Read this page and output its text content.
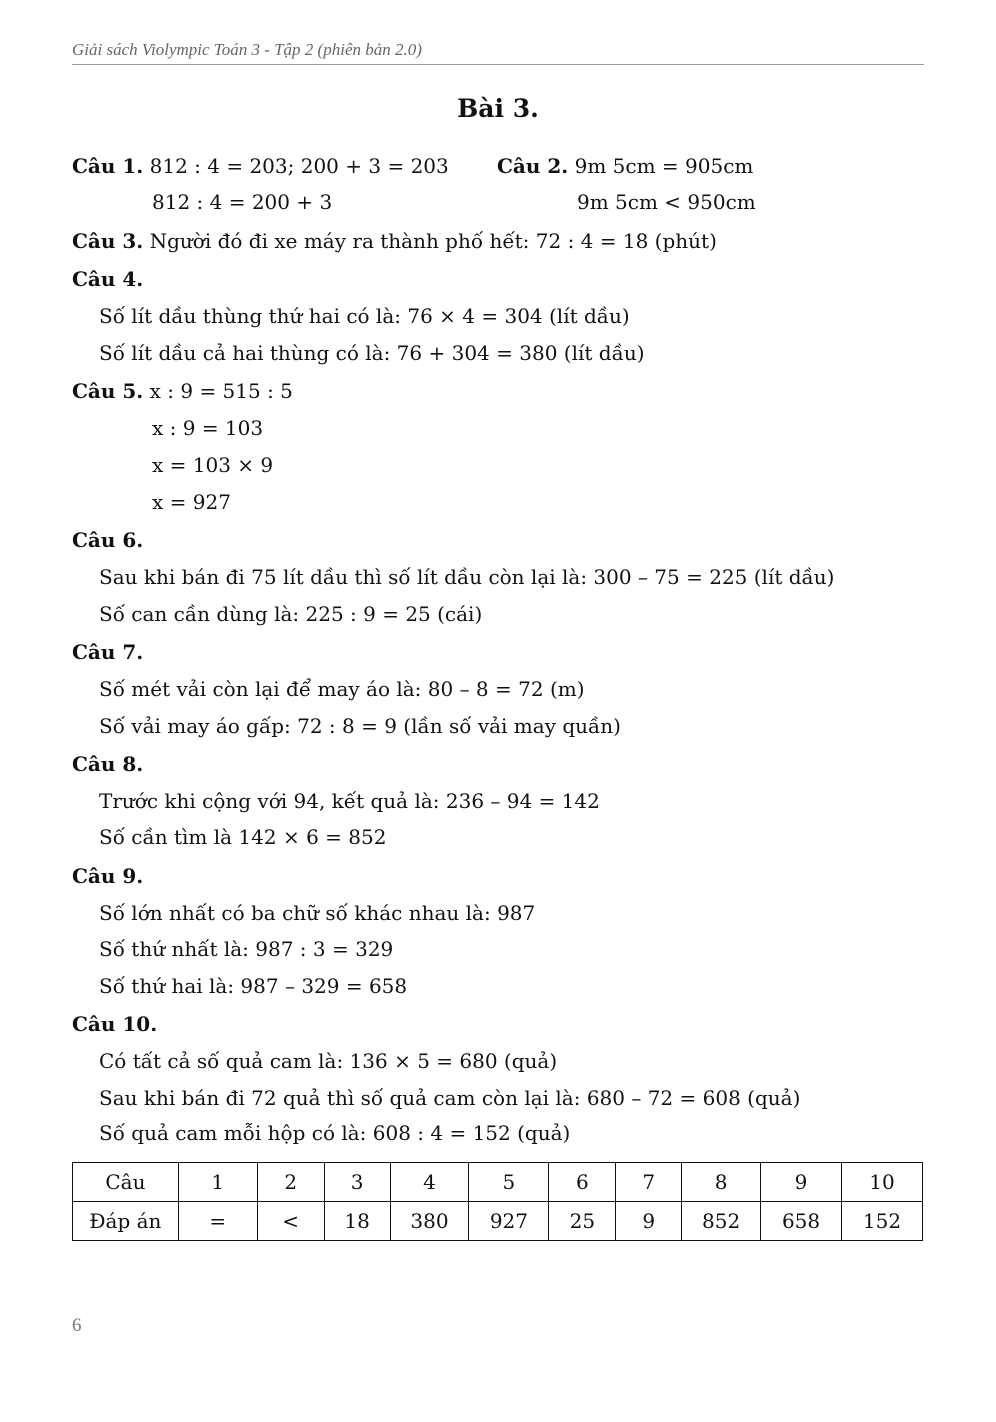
Giải sách Violympic Toán 3 - Tập 2 (phiên bản 2.0)
Bài 3.
Câu 1. 812 : 4 = 203; 200 + 3 = 203
812 : 4 = 200 + 3
Câu 2. 9m 5cm = 905cm
9m 5cm < 950cm
Câu 3. Người đó đi xe máy ra thành phố hết: 72 : 4 = 18 (phút)
Câu 4.
Số lít dầu thùng thứ hai có là: 76 × 4 = 304 (lít dầu)
Số lít dầu cả hai thùng có là: 76 + 304 = 380 (lít dầu)
Câu 5. x : 9 = 515 : 5
x : 9 = 103
x = 103 × 9
x = 927
Câu 6.
Sau khi bán đi 75 lít dầu thì số lít dầu còn lại là: 300 – 75 = 225 (lít dầu)
Số can cần dùng là: 225 : 9 = 25 (cái)
Câu 7.
Số mét vải còn lại để may áo là: 80 – 8 = 72 (m)
Số vải may áo gấp: 72 : 8 = 9 (lần số vải may quần)
Câu 8.
Trước khi cộng với 94, kết quả là: 236 – 94 = 142
Số cần tìm là 142 × 6 = 852
Câu 9.
Số lớn nhất có ba chữ số khác nhau là: 987
Số thứ nhất là: 987 : 3 = 329
Số thứ hai là: 987 – 329 = 658
Câu 10.
Có tất cả số quả cam là: 136 × 5 = 680 (quả)
Sau khi bán đi 72 quả thì số quả cam còn lại là: 680 – 72 = 608 (quả)
Số quả cam mỗi hộp có là: 608 : 4 = 152 (quả)
Câu	1	2	3	4	5	6	7	8	9	10
Đáp án	=	<	18	380	927	25	9	852	658	152
6
